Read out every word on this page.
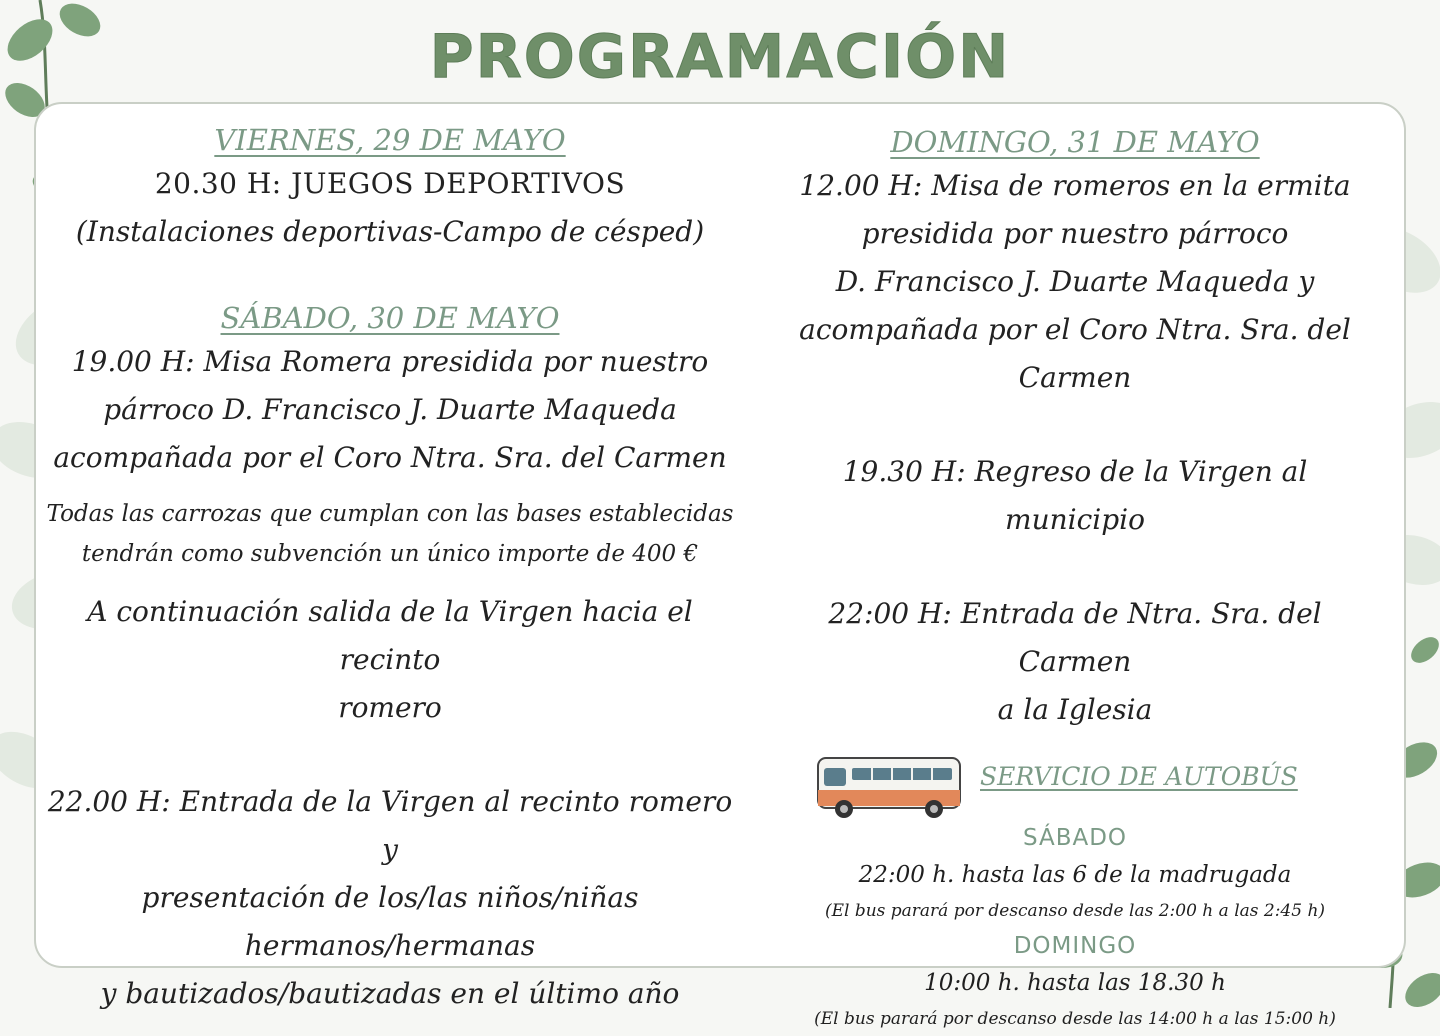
PROGRAMACIÓN

VIERNES, 29 DE MAYO

20.30 H: JUEGOS DEPORTIVOS

(Instalaciones deportivas-Campo de césped)

SÁBADO, 30 DE MAYO

19.00 H: Misa Romera presidida por nuestro

párroco D. Francisco J. Duarte Maqueda

acompañada por el Coro Ntra. Sra. del Carmen

Todas las carrozas que cumplan con las bases establecidas

tendrán como subvención un único importe de 400 €

A continuación salida de la Virgen hacia el recinto

romero

22.00 H: Entrada de la Virgen al recinto romero y

presentación de los/las niños/niñas

hermanos/hermanas

y bautizados/bautizadas en el último año

DOMINGO, 31 DE MAYO

12.00 H: Misa de romeros en la ermita

presidida por nuestro párroco

D. Francisco J. Duarte Maqueda y

acompañada por el Coro Ntra. Sra. del

Carmen

19.30 H: Regreso de la Virgen al municipio

22:00 H: Entrada de Ntra. Sra. del Carmen

a la Iglesia

SERVICIO DE AUTOBÚS

SÁBADO

22:00 h. hasta las 6 de la madrugada

(El bus parará por descanso desde las 2:00 h a las 2:45 h)

DOMINGO

10:00 h. hasta las 18.30 h

(El bus parará por descanso desde las 14:00 h a las 15:00 h)
